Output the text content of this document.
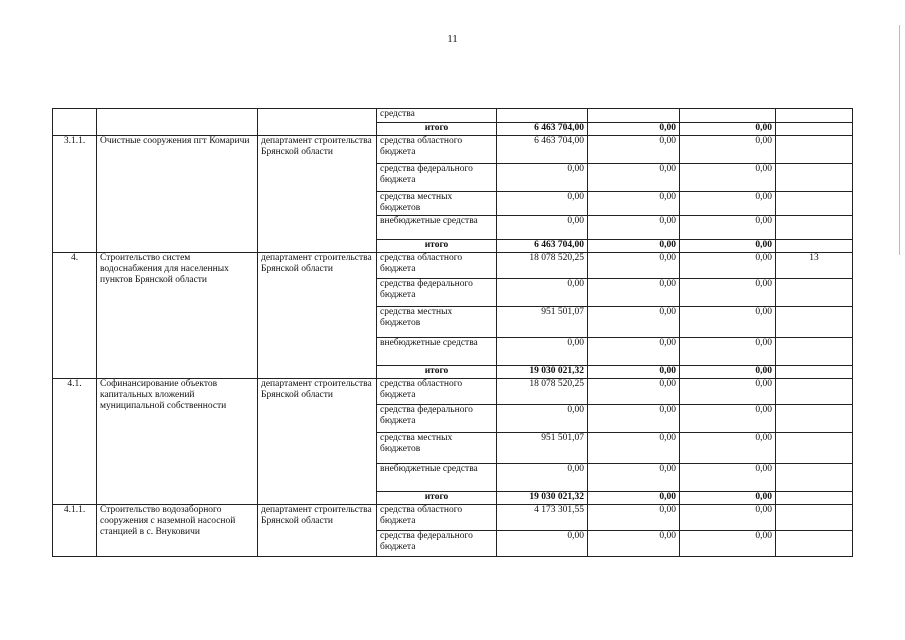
11
			средства				
			итого	6 463 704,00	0,00	0,00	
3.1.1.	Очистные сооружения пгт Комаричи	департамент строительства Брянской области	средства областного бюджета	6 463 704,00	0,00	0,00	
			средства федерального бюджета	0,00	0,00	0,00	
			средства местных бюджетов	0,00	0,00	0,00	
			внебюджетные средства	0,00	0,00	0,00	
			итого	6 463 704,00	0,00	0,00	
4.	Строительство систем водоснабжения для населенных пунктов Брянской области	департамент строительства Брянской области	средства областного бюджета	18 078 520,25	0,00	0,00	13
			средства федерального бюджета	0,00	0,00	0,00	
			средства местных бюджетов	951 501,07	0,00	0,00	
			внебюджетные средства	0,00	0,00	0,00	
			итого	19 030 021,32	0,00	0,00	
4.1.	Софинансирование объектов капитальных вложений муниципальной собственности	департамент строительства Брянской области	средства областного бюджета	18 078 520,25	0,00	0,00	
			средства федерального бюджета	0,00	0,00	0,00	
			средства местных бюджетов	951 501,07	0,00	0,00	
			внебюджетные средства	0,00	0,00	0,00	
			итого	19 030 021,32	0,00	0,00	
4.1.1.	Строительство водозаборного сооружения с наземной насосной станцией в с. Внуковичи	департамент строительства Брянской области	средства областного бюджета	4 173 301,55	0,00	0,00	
			средства федерального бюджета	0,00	0,00	0,00	
